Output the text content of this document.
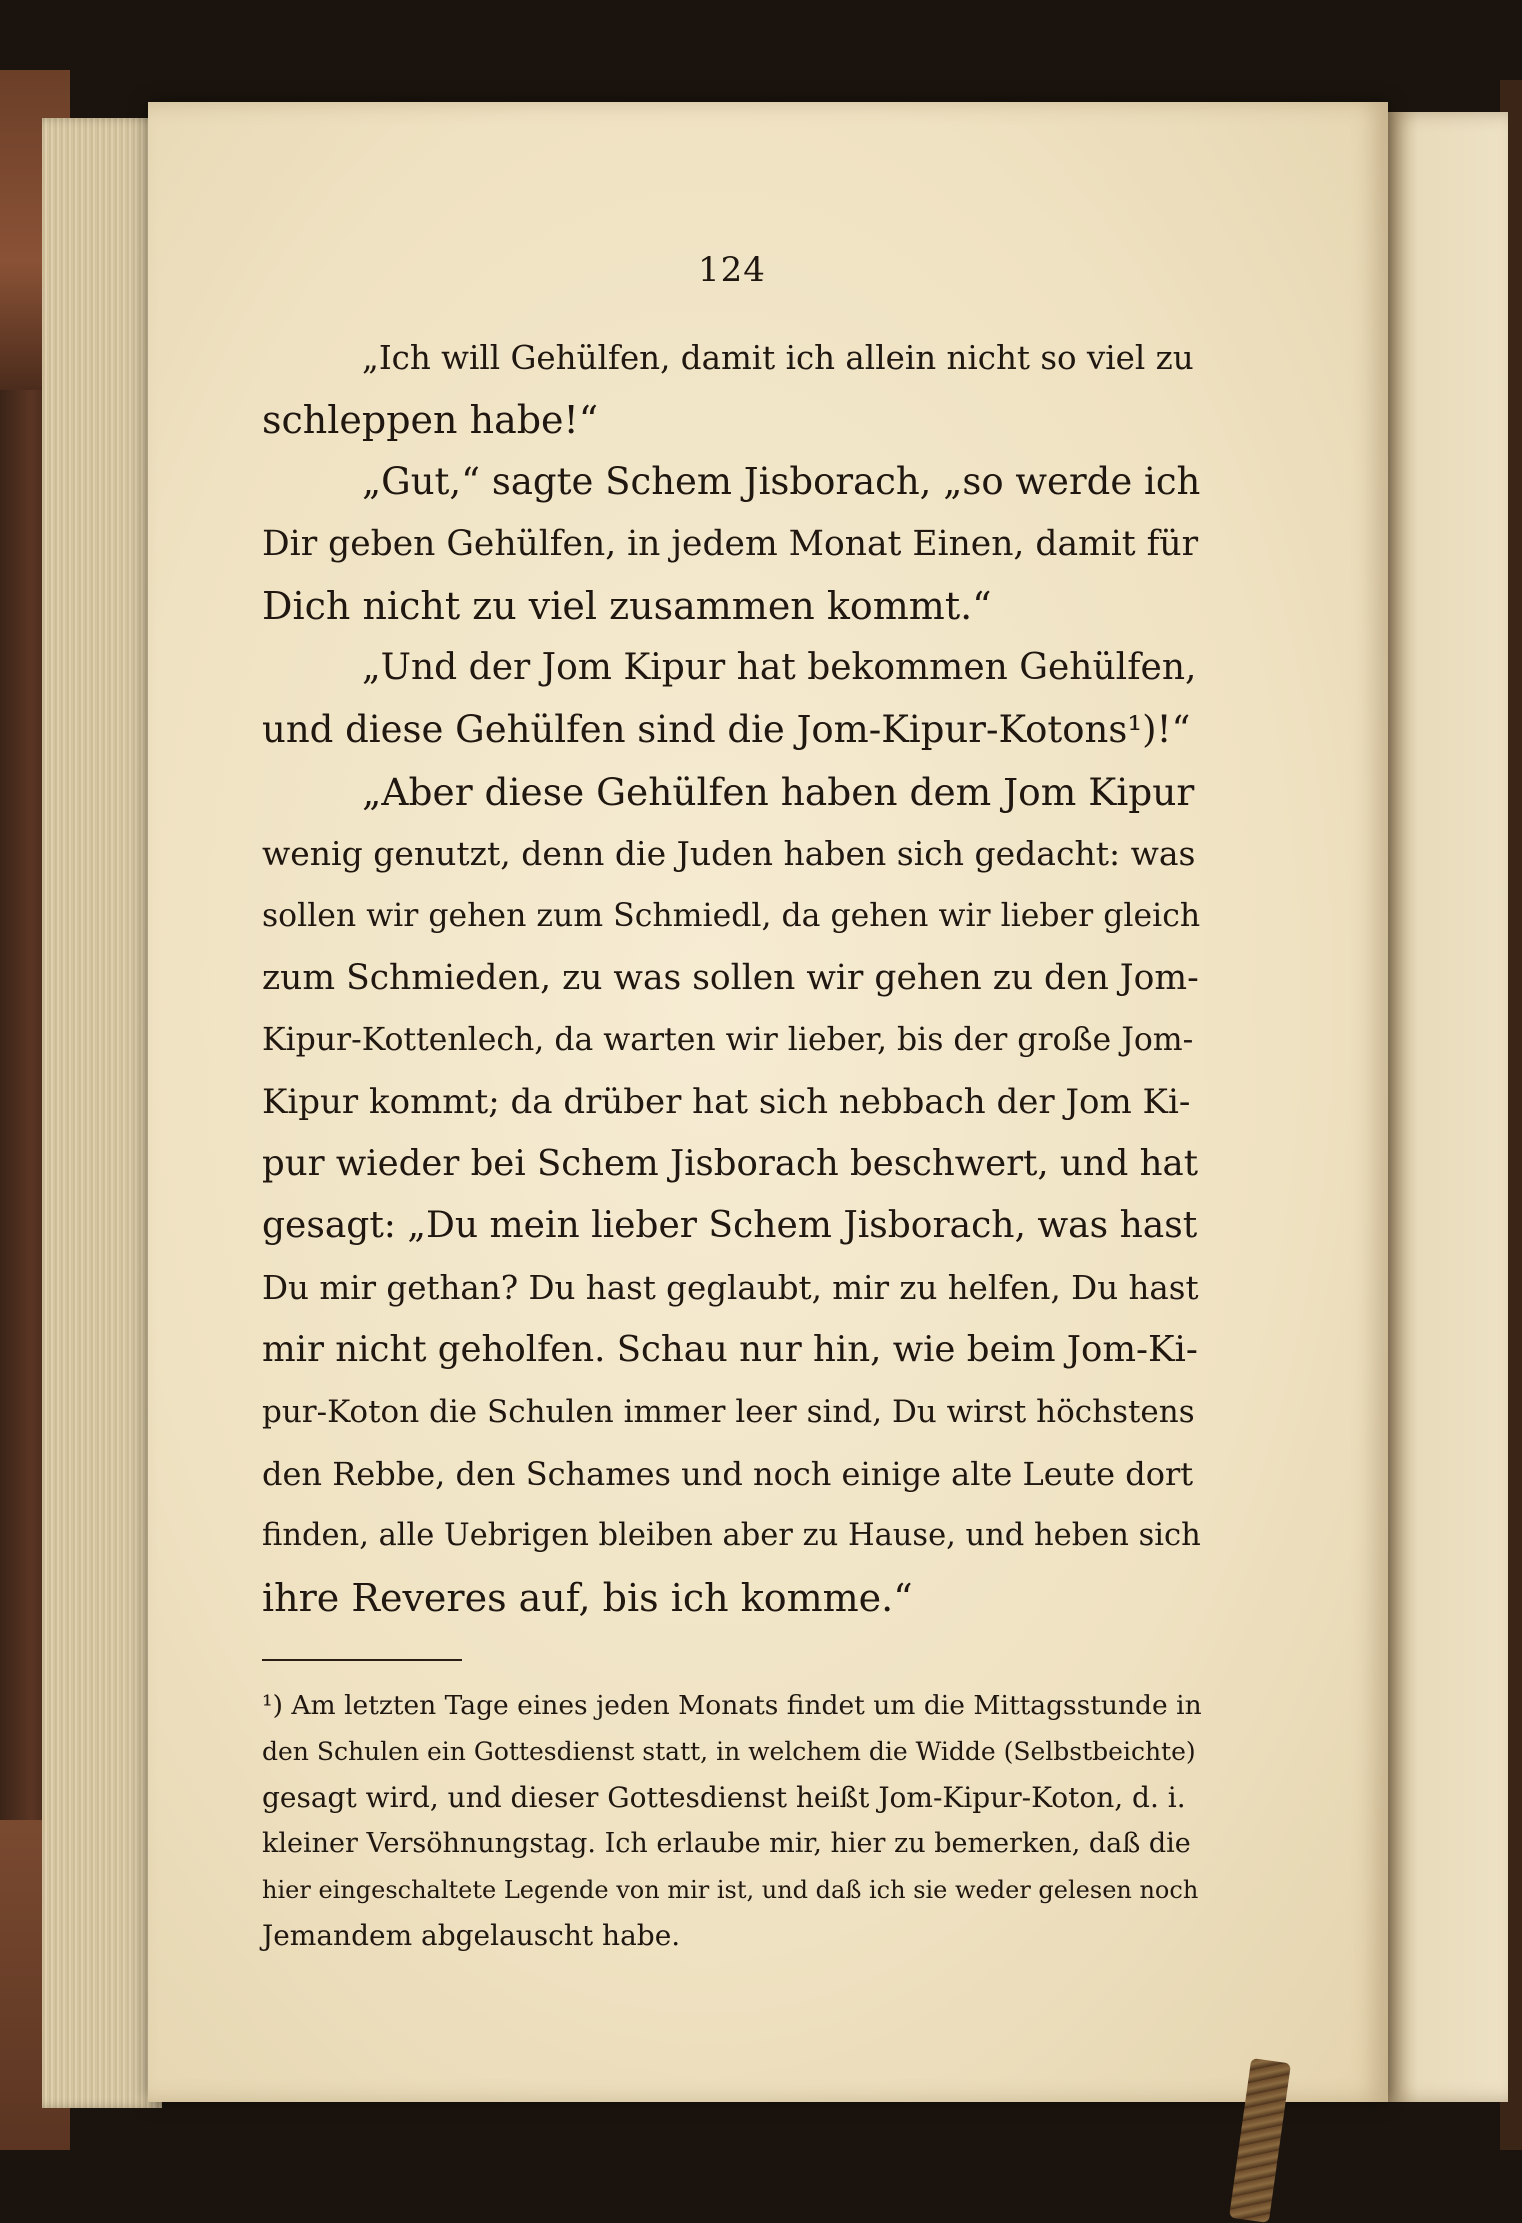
124
„Ich will Gehülfen, damit ich allein nicht so viel zu
schleppen habe!“
„Gut,“ sagte Schem Jisborach, „so werde ich
Dir geben Gehülfen, in jedem Monat Einen, damit für
Dich nicht zu viel zusammen kommt.“
„Und der Jom Kipur hat bekommen Gehülfen,
und diese Gehülfen sind die Jom-Kipur-Kotons¹)!“
„Aber diese Gehülfen haben dem Jom Kipur
wenig genutzt, denn die Juden haben sich gedacht: was
sollen wir gehen zum Schmiedl, da gehen wir lieber gleich
zum Schmieden, zu was sollen wir gehen zu den Jom-
Kipur-Kottenlech, da warten wir lieber, bis der große Jom-
Kipur kommt; da drüber hat sich nebbach der Jom Ki-
pur wieder bei Schem Jisborach beschwert, und hat
gesagt: „Du mein lieber Schem Jisborach, was hast
Du mir gethan? Du hast geglaubt, mir zu helfen, Du hast
mir nicht geholfen. Schau nur hin, wie beim Jom-Ki-
pur-Koton die Schulen immer leer sind, Du wirst höchstens
den Rebbe, den Schames und noch einige alte Leute dort
finden, alle Uebrigen bleiben aber zu Hause, und heben sich
ihre Reveres auf, bis ich komme.“
¹) Am letzten Tage eines jeden Monats findet um die Mittagsstunde in
den Schulen ein Gottesdienst statt, in welchem die Widde (Selbstbeichte)
gesagt wird, und dieser Gottesdienst heißt Jom-Kipur-Koton, d. i.
kleiner Versöhnungstag. Ich erlaube mir, hier zu bemerken, daß die
hier eingeschaltete Legende von mir ist, und daß ich sie weder gelesen noch
Jemandem abgelauscht habe.
